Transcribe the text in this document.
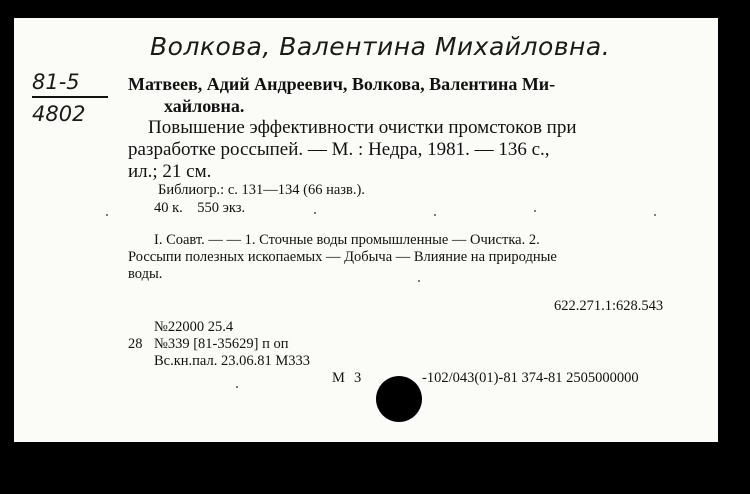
Волкова, Валентина Михайловна.
81-5
4802
Матвеев, Адий Андреевич, Волкова, Валентина Ми-
хайловна.
Повышение эффективности очистки промстоков при
разработке россыпей. — М. : Недра, 1981. — 136 с.,
ил.; 21 см.
Библиогр.: с. 131—134 (66 назв.).
40 к.    550 экз.
I. Соавт. — — 1. Сточные воды промышленные — Очистка. 2.
Россыпи полезных ископаемых — Добыча — Влияние на природные
воды.
622.271.1:628.543
№22000 25.4
28 №339 [81-35629] п оп
Вс.кн.пал. 23.06.81 М333
М 3	-102/043(01)-81 374-81 2505000000
